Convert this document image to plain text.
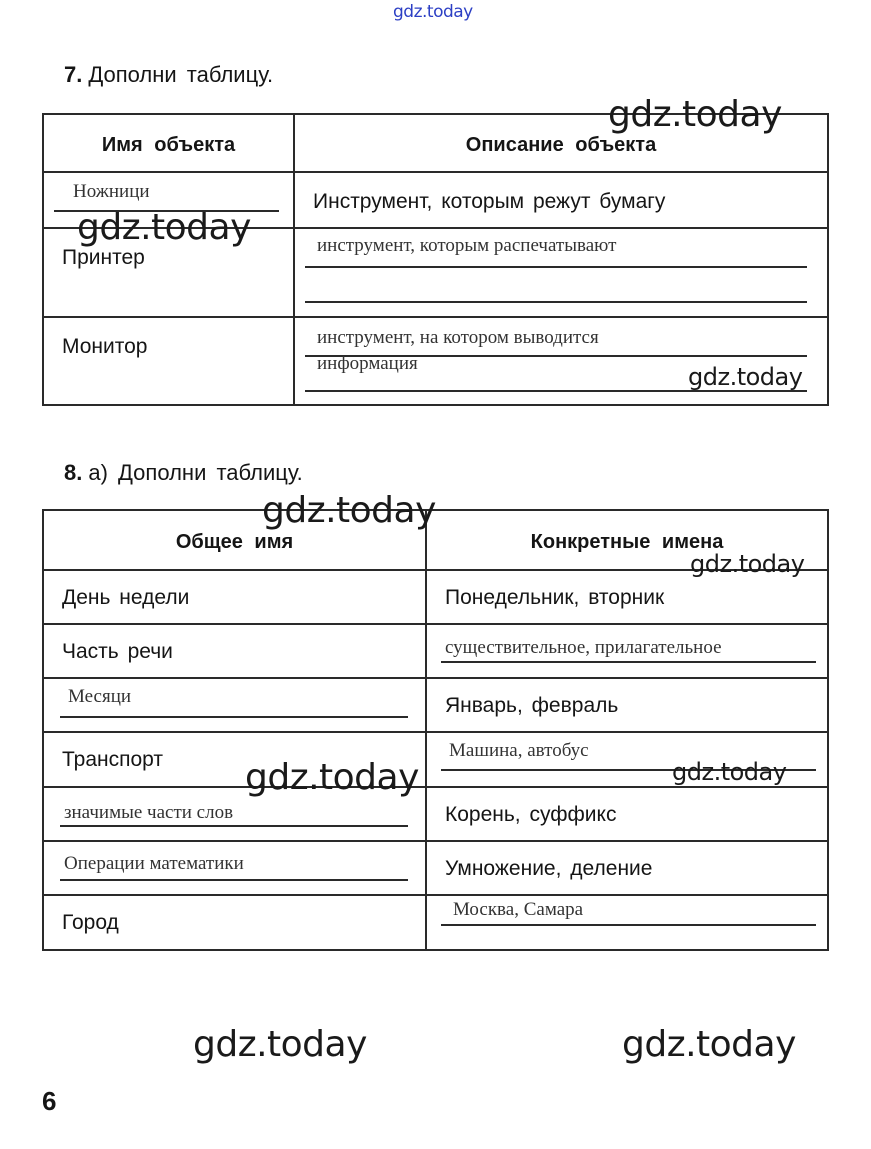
gdz.today
7. Дополни таблицу.
Имя объекта	Описание объекта

Ножници	Инструмент, которым режут бумагу

Принтер	инструмент, которым распечатывают

Монитор	инструмент, на котором выводится
информация
8. а) Дополни таблицу.
Общее имя	Конкретные имена

День недели	Понедельник, вторник

Часть речи	существительное, прилагательное

Месяци	Январь, февраль

Транспорт	Машина, автобус

значимые части слов	Корень, суффикс

Операции математики	Умножение, деление

Город	Москва, Самара
gdz.today
gdz.today
gdz.today
gdz.today
gdz.today
gdz.today	gdz.today
gdz.today	gdz.today
6
